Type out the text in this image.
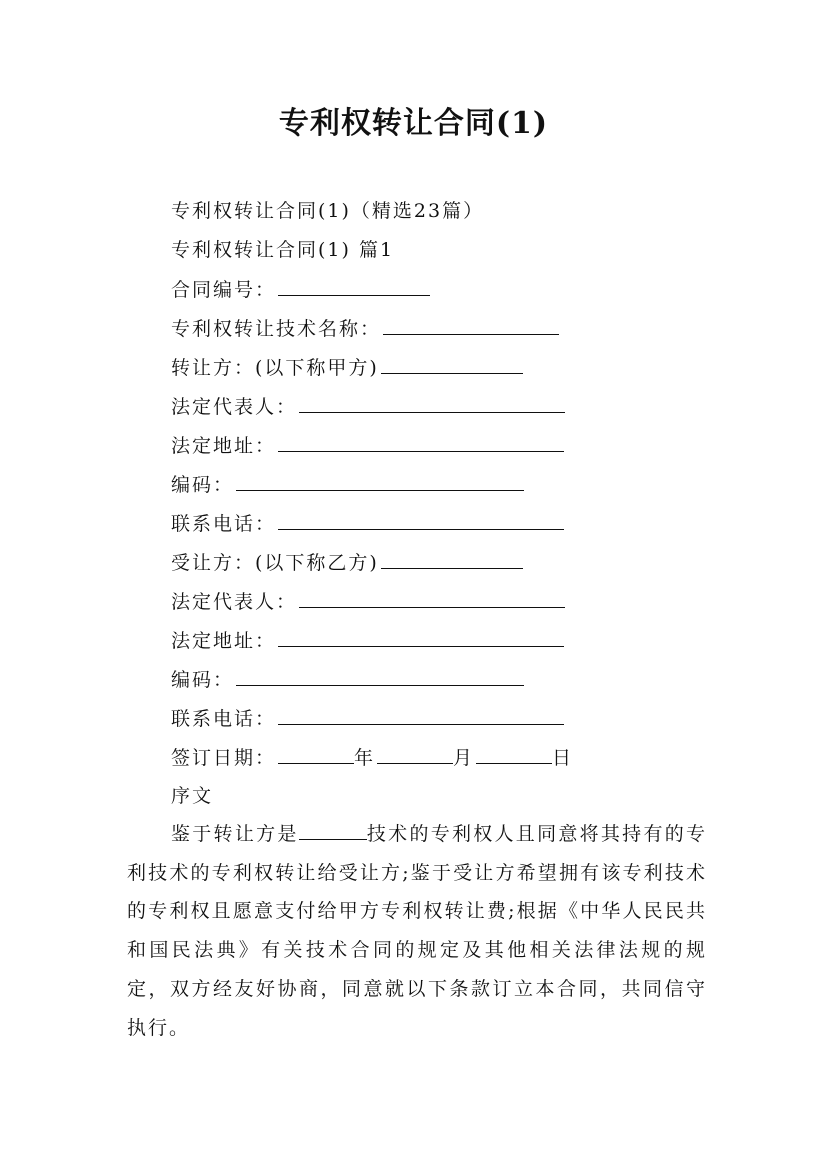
专利权转让合同(1)
专利权转让合同(1)（精选23篇）
专利权转让合同(1) 篇1
合同编号：
专利权转让技术名称：
转让方：(以下称甲方)
法定代表人：
法定地址：
编码：
联系电话：
受让方：(以下称乙方)
法定代表人：
法定地址：
编码：
联系电话：
签订日期：	年	月	日
序文
鉴于转让方是	技术的专利权人且同意将其持有的专利技术的专利权转让给受让方;鉴于受让方希望拥有该专利技术的专利权且愿意支付给甲方专利权转让费;根据《中华人民民共和国民法典》有关技术合同的规定及其他相关法律法规的规定，双方经友好协商，同意就以下条款订立本合同，共同信守执行。
